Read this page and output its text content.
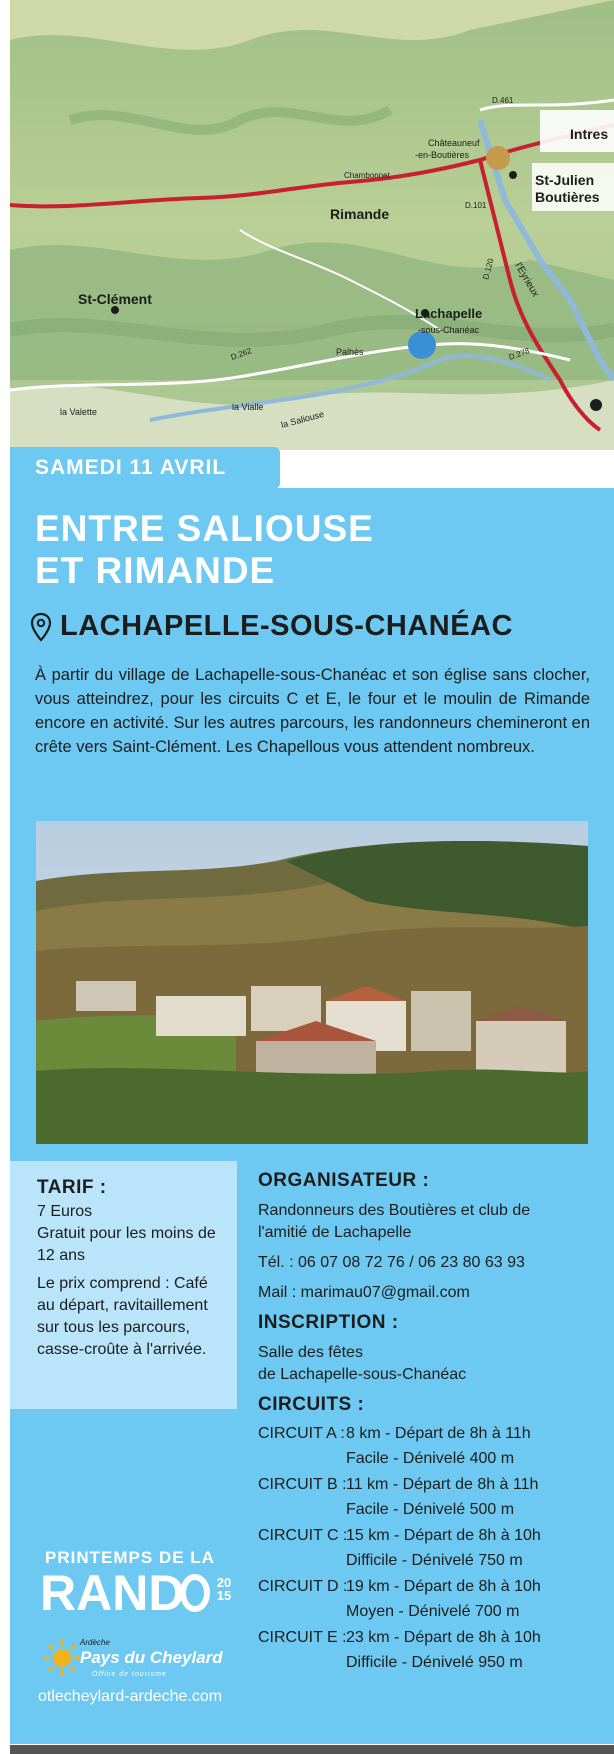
Rimande
St-Clément
Lachapelle
-sous-Chanéac
Châteauneuf
-en-Boutières
St-Julien
Boutières
Intres
Chambonnet
Palhès
la Vialle
la Valette	la Saliouse
l'Eyrieux
D.461
D.101
D.120
D.262	D.278
SAMEDI 11 AVRIL
ENTRE SALIOUSE
ET RIMANDE
LACHAPELLE-SOUS-CHANÉAC

À partir du village de Lachapelle-sous-Chanéac et son église sans clocher, vous atteindrez, pour les circuits C et E, le four et le moulin de Rimande encore en activité. Sur les autres parcours, les randonneurs chemineront en crête vers Saint-Clément. Les Chapellous vous attendent nombreux.

TARIF :
7 Euros
Gratuit pour les moins de 12 ans
Le prix comprend : Café au départ, ravitaillement sur tous les parcours, casse-croûte à l'arrivée.
ORGANISATEUR :
Randonneurs des Boutières et club de l'amitié de Lachapelle
Tél. : 06 07 08 72 76 / 06 23 80 63 93
Mail : marimau07@gmail.com
INSCRIPTION :
Salle des fêtes
de Lachapelle-sous-Chanéac
CIRCUITS :
CIRCUIT A : 8 km - Départ de 8h à 11h
Facile - Dénivelé 400 m
CIRCUIT B : 11 km - Départ de 8h à 11h
Facile - Dénivelé 500 m
CIRCUIT C :
15 km - Départ de 8h à 10h
Difficile - Dénivelé 750 m
CIRCUIT D :
19 km - Départ de 8h à 10h
Moyen - Dénivelé 700 m
CIRCUIT E : 23 km - Départ de 8h à 10h
Difficile - Dénivelé 950 m
PRINTEMPS DE LA
RAND	20
15
Ardèche
Pays du Cheylard
Office de tourisme
otlecheylard-ardeche.com
